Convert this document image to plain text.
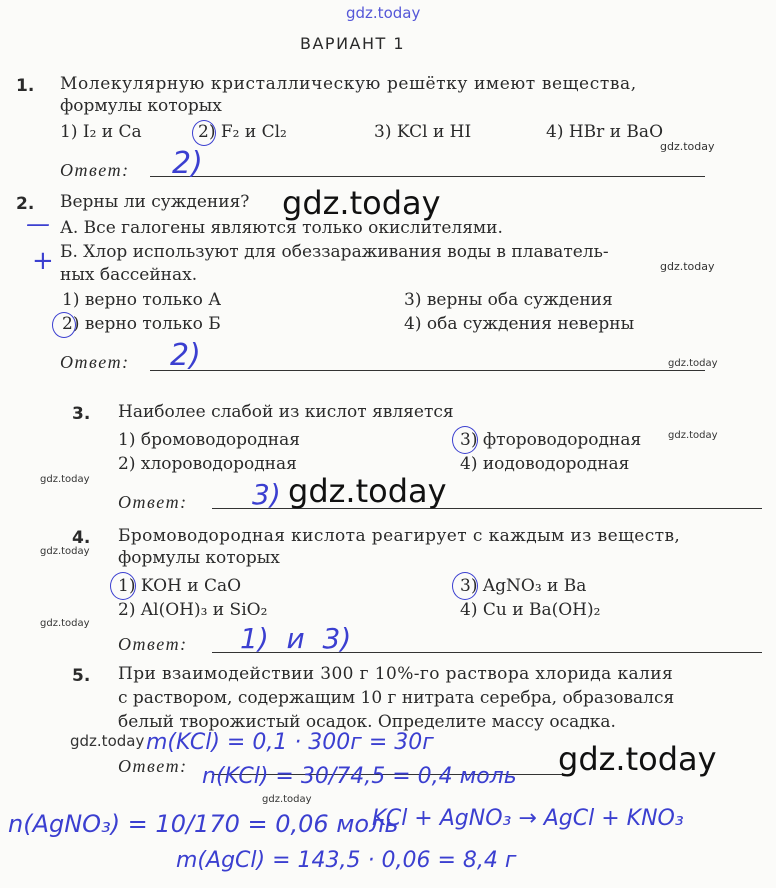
gdz.today
ВАРИАНТ 1
1. Молекулярную кристаллическую решётку имеют вещества,
формулы которых
1) I₂ и Ca	2) F₂ и Cl₂	3) KCl и HI	4) HBr и BaO
gdz.today
Ответ: 2)
2. Верны ли суждения? gdz.today
— А. Все галогены являются только окислителями.
+ Б. Хлор используют для обеззараживания воды в плаватель-
ных бассейнах.	gdz.today
1) верно только А
2) верно только Б
3) верны оба суждения
4) оба суждения неверны
Ответ:	gdz.today
2)
3. Наиболее слабой из кислот является
1) бромоводородная
2) хлороводородная
3) фтороводородная
4) иодоводородная
gdz.today
gdz.today
Ответ: 3) gdz.today
4. Бромоводородная кислота реагирует с каждым из веществ,
формулы которых
gdz.today
1) KOH и CaO
2) Al(OH)₃ и SiO₂
3) AgNO₃ и Ba
4) Cu и Ba(OH)₂
gdz.today
Ответ: 1)  и  3)
5. При взаимодействии 300 г 10%-го раствора хлорида калия
с раствором, содержащим 10 г нитрата серебра, образовался
белый творожистый осадок. Определите массу осадка.
gdz.today m(KCl) = 0,1 · 300г = 30г
Ответ: n(KCl) = 30/74,5 = 0,4 моль gdz.today
gdz.today
n(AgNO₃) = 10/170 = 0,06 моль
KCl + AgNO₃ → AgCl + KNO₃
m(AgCl) = 143,5 · 0,06 = 8,4 г
